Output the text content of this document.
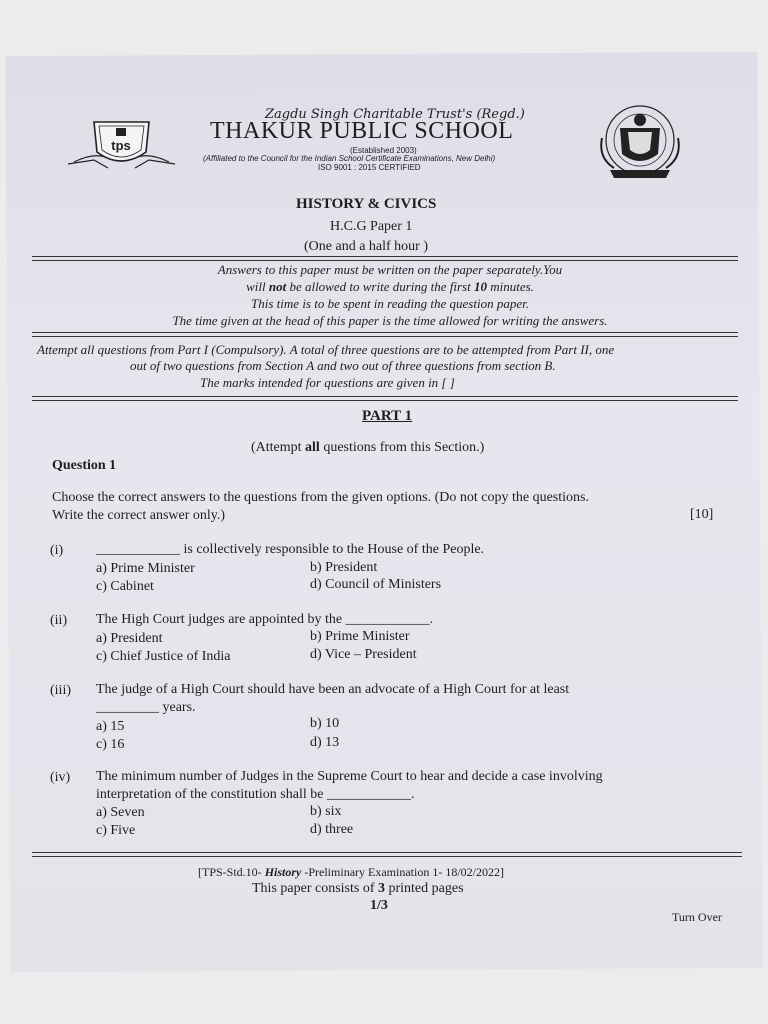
tps
Zagdu Singh Charitable Trust's (Regd.)
THAKUR PUBLIC SCHOOL
(Established 2003)
(Affiliated to the Council for the Indian School Certificate Examinations, New Delhi)
ISO 9001 : 2015 CERTIFIED
HISTORY & CIVICS
H.C.G Paper 1
(One and a half hour )
Answers to this paper must be written on the paper separately.You
will not be allowed to write during the first 10 minutes.
This time is to be spent in reading the question paper.
The time given at the head of this paper is the time allowed for writing the answers.
Attempt all questions from Part I (Compulsory). A total of three questions are to be attempted from Part II, one
out of two questions from Section A and two out of three questions from section B.
The marks intended for questions are given in [ ]
PART 1
(Attempt all questions from this Section.)
Question 1
Choose the correct answers to the questions from the given options. (Do not copy the questions.
Write the correct answer only.)	[10]
(i) ____________ is collectively responsible to the House of the People.
a) Prime Minister	b) President
c) Cabinet	d) Council of Ministers
(ii) The High Court judges are appointed by the ____________.
a) President	b) Prime Minister
c) Chief Justice of India	d) Vice – President
(iii) The judge of a High Court should have been an advocate of a High Court for at least
_________ years.
a) 15	b) 10
c) 16	d) 13
(iv) The minimum number of Judges in the Supreme Court to hear and decide a case involving
interpretation of the constitution shall be ____________.
a) Seven	b) six
c) Five	d) three
[TPS-Std.10- History -Preliminary Examination 1- 18/02/2022]
This paper consists of 3 printed pages
1/3
Turn Over
